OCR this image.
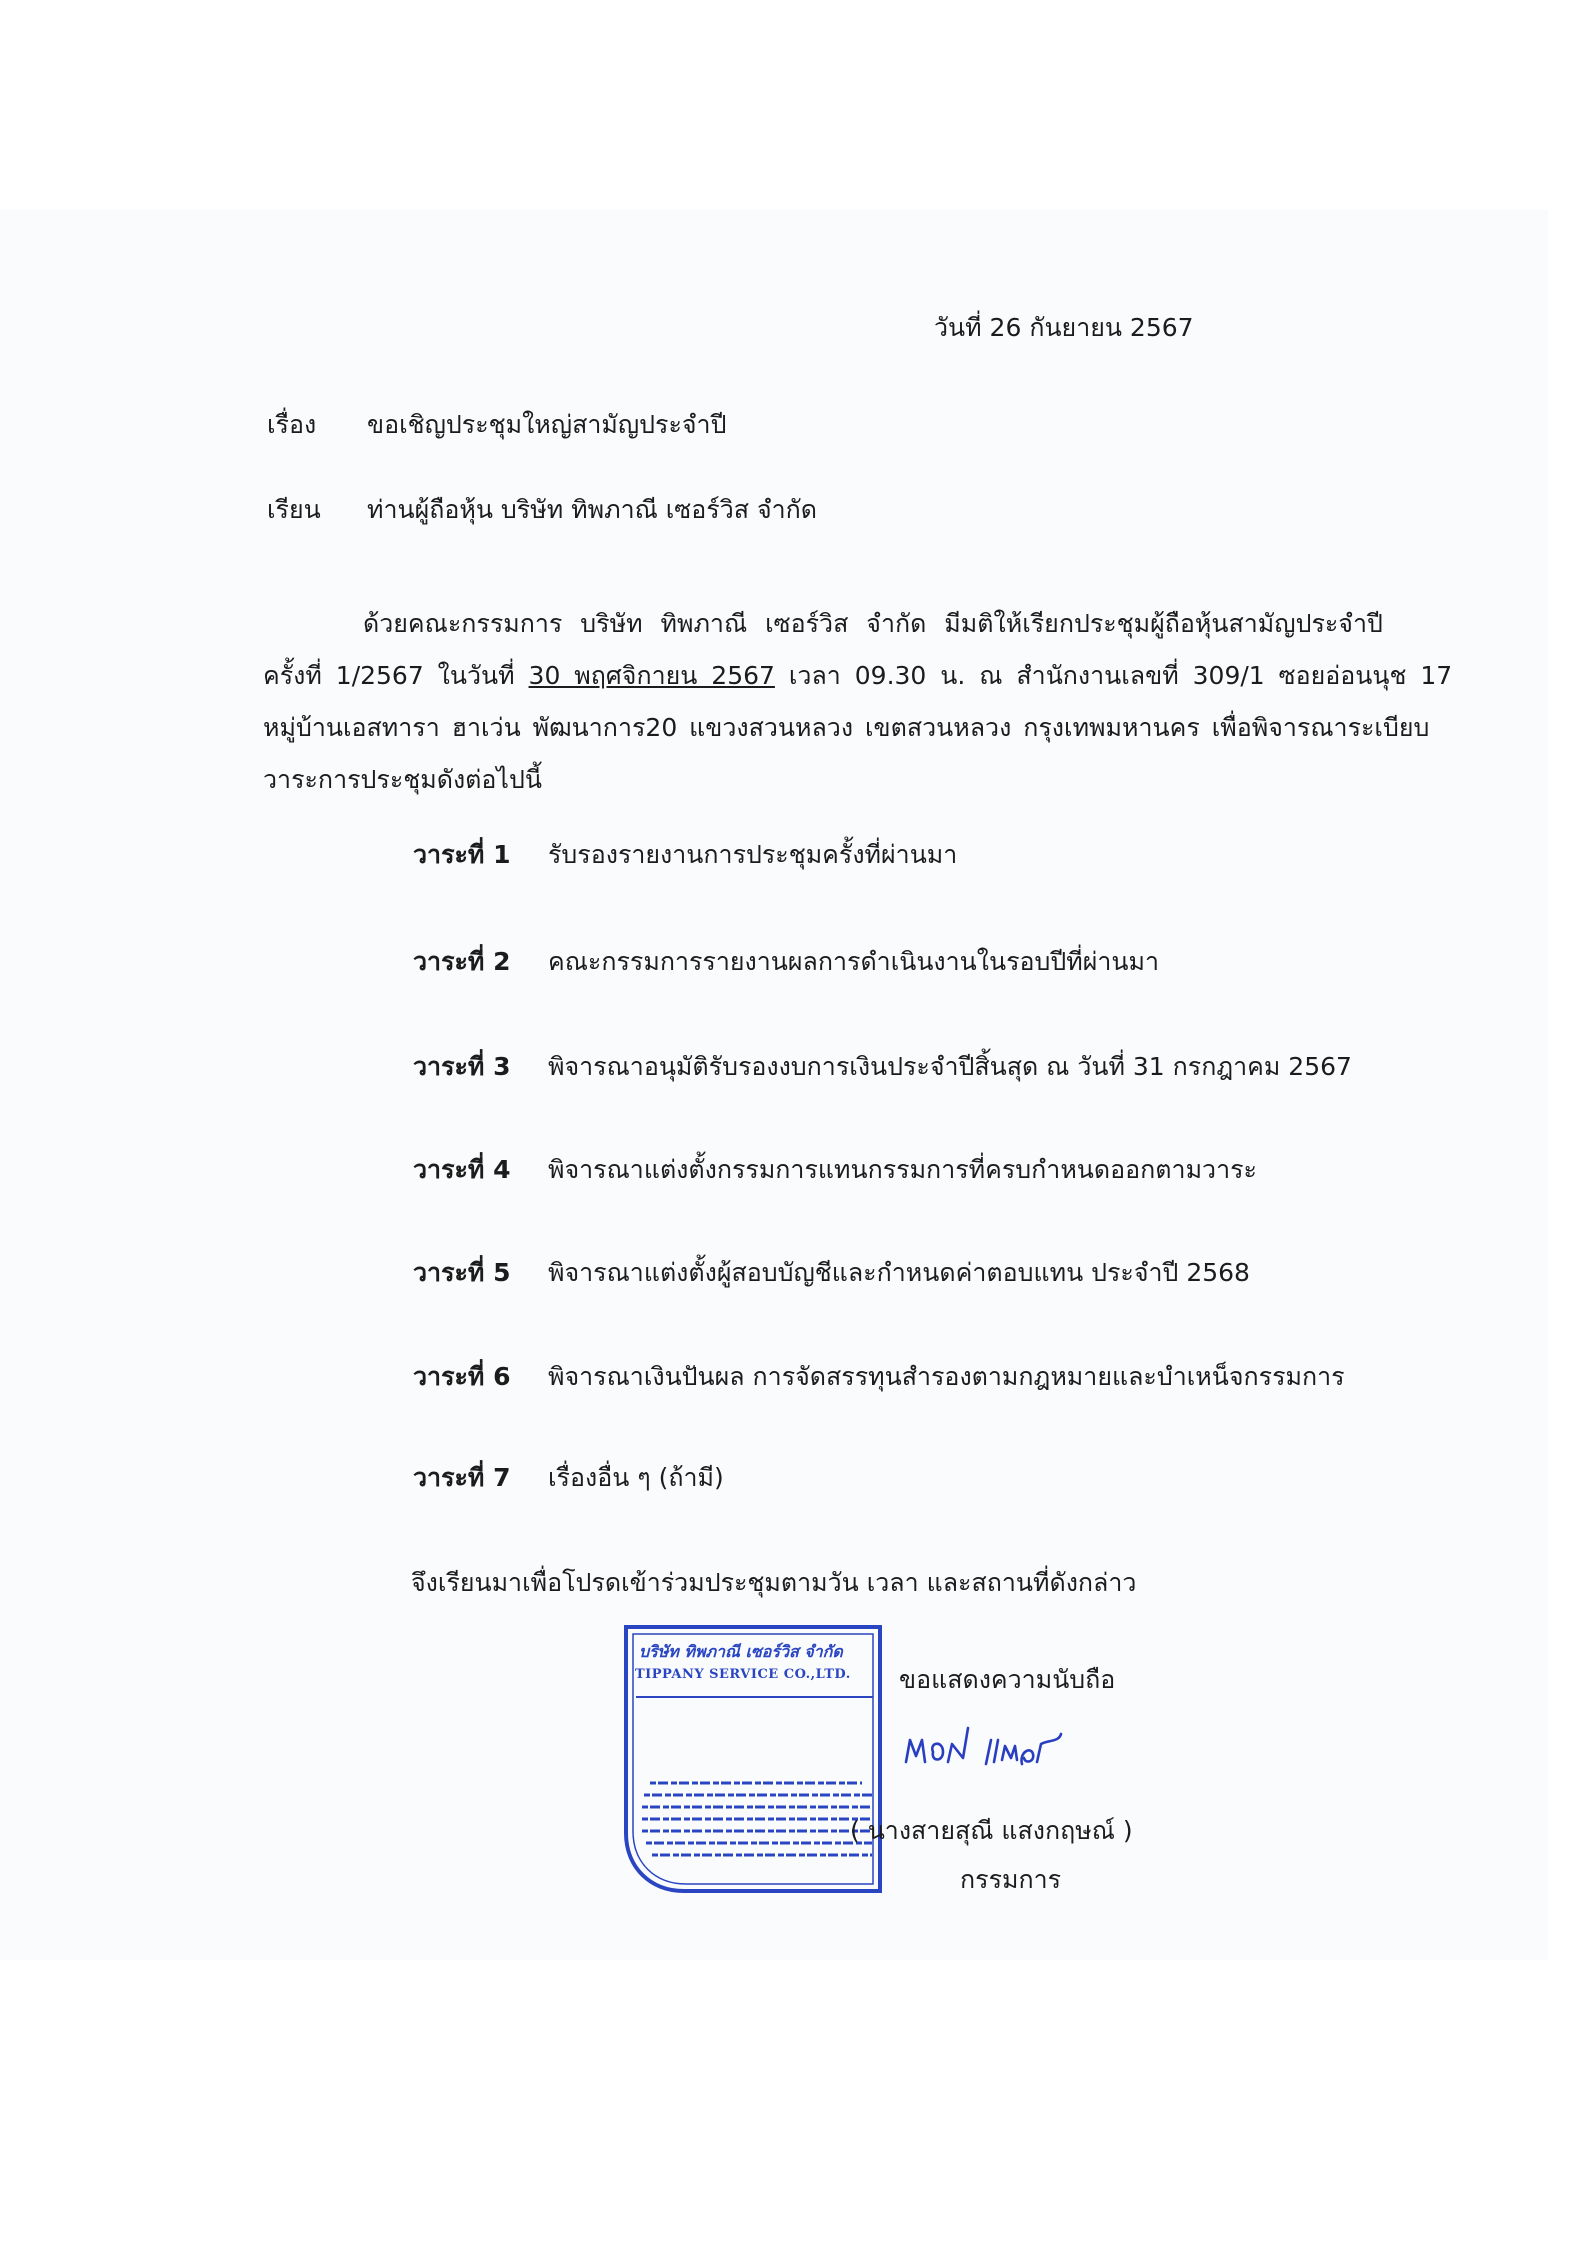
วันที่ 26 กันยายน 2567
เรื่อง ขอเชิญประชุมใหญ่สามัญประจำปี
เรียน ท่านผู้ถือหุ้น บริษัท ทิพภาณี เซอร์วิส จำกัด
ด้วยคณะกรรมการ บริษัท ทิพภาณี เซอร์วิส จำกัด มีมติให้เรียกประชุมผู้ถือหุ้นสามัญประจำปี
ครั้งที่ 1/2567 ในวันที่ 30 พฤศจิกายน 2567 เวลา 09.30 น. ณ สำนักงานเลขที่ 309/1 ซอยอ่อนนุช 17
หมู่บ้านเอสทารา ฮาเว่น พัฒนาการ20 แขวงสวนหลวง เขตสวนหลวง กรุงเทพมหานคร เพื่อพิจารณาระเบียบ
วาระการประชุมดังต่อไปนี้
วาระที่ 1 รับรองรายงานการประชุมครั้งที่ผ่านมา
วาระที่ 2 คณะกรรมการรายงานผลการดำเนินงานในรอบปีที่ผ่านมา
วาระที่ 3 พิจารณาอนุมัติรับรองงบการเงินประจำปีสิ้นสุด ณ วันที่ 31 กรกฎาคม 2567
วาระที่ 4 พิจารณาแต่งตั้งกรรมการแทนกรรมการที่ครบกำหนดออกตามวาระ
วาระที่ 5 พิจารณาแต่งตั้งผู้สอบบัญชีและกำหนดค่าตอบแทน ประจำปี 2568
วาระที่ 6 พิจารณาเงินปันผล การจัดสรรทุนสำรองตามกฎหมายและบำเหน็จกรรมการ
วาระที่ 7 เรื่องอื่น ๆ (ถ้ามี)
จึงเรียนมาเพื่อโปรดเข้าร่วมประชุมตามวัน เวลา และสถานที่ดังกล่าว
บริษัท ทิพภาณี เซอร์วิส จำกัด
TIPPANY SERVICE CO.,LTD. ขอแสดงความนับถือ
( นางสายสุณี แสงกฤษณ์ )
กรรมการ
